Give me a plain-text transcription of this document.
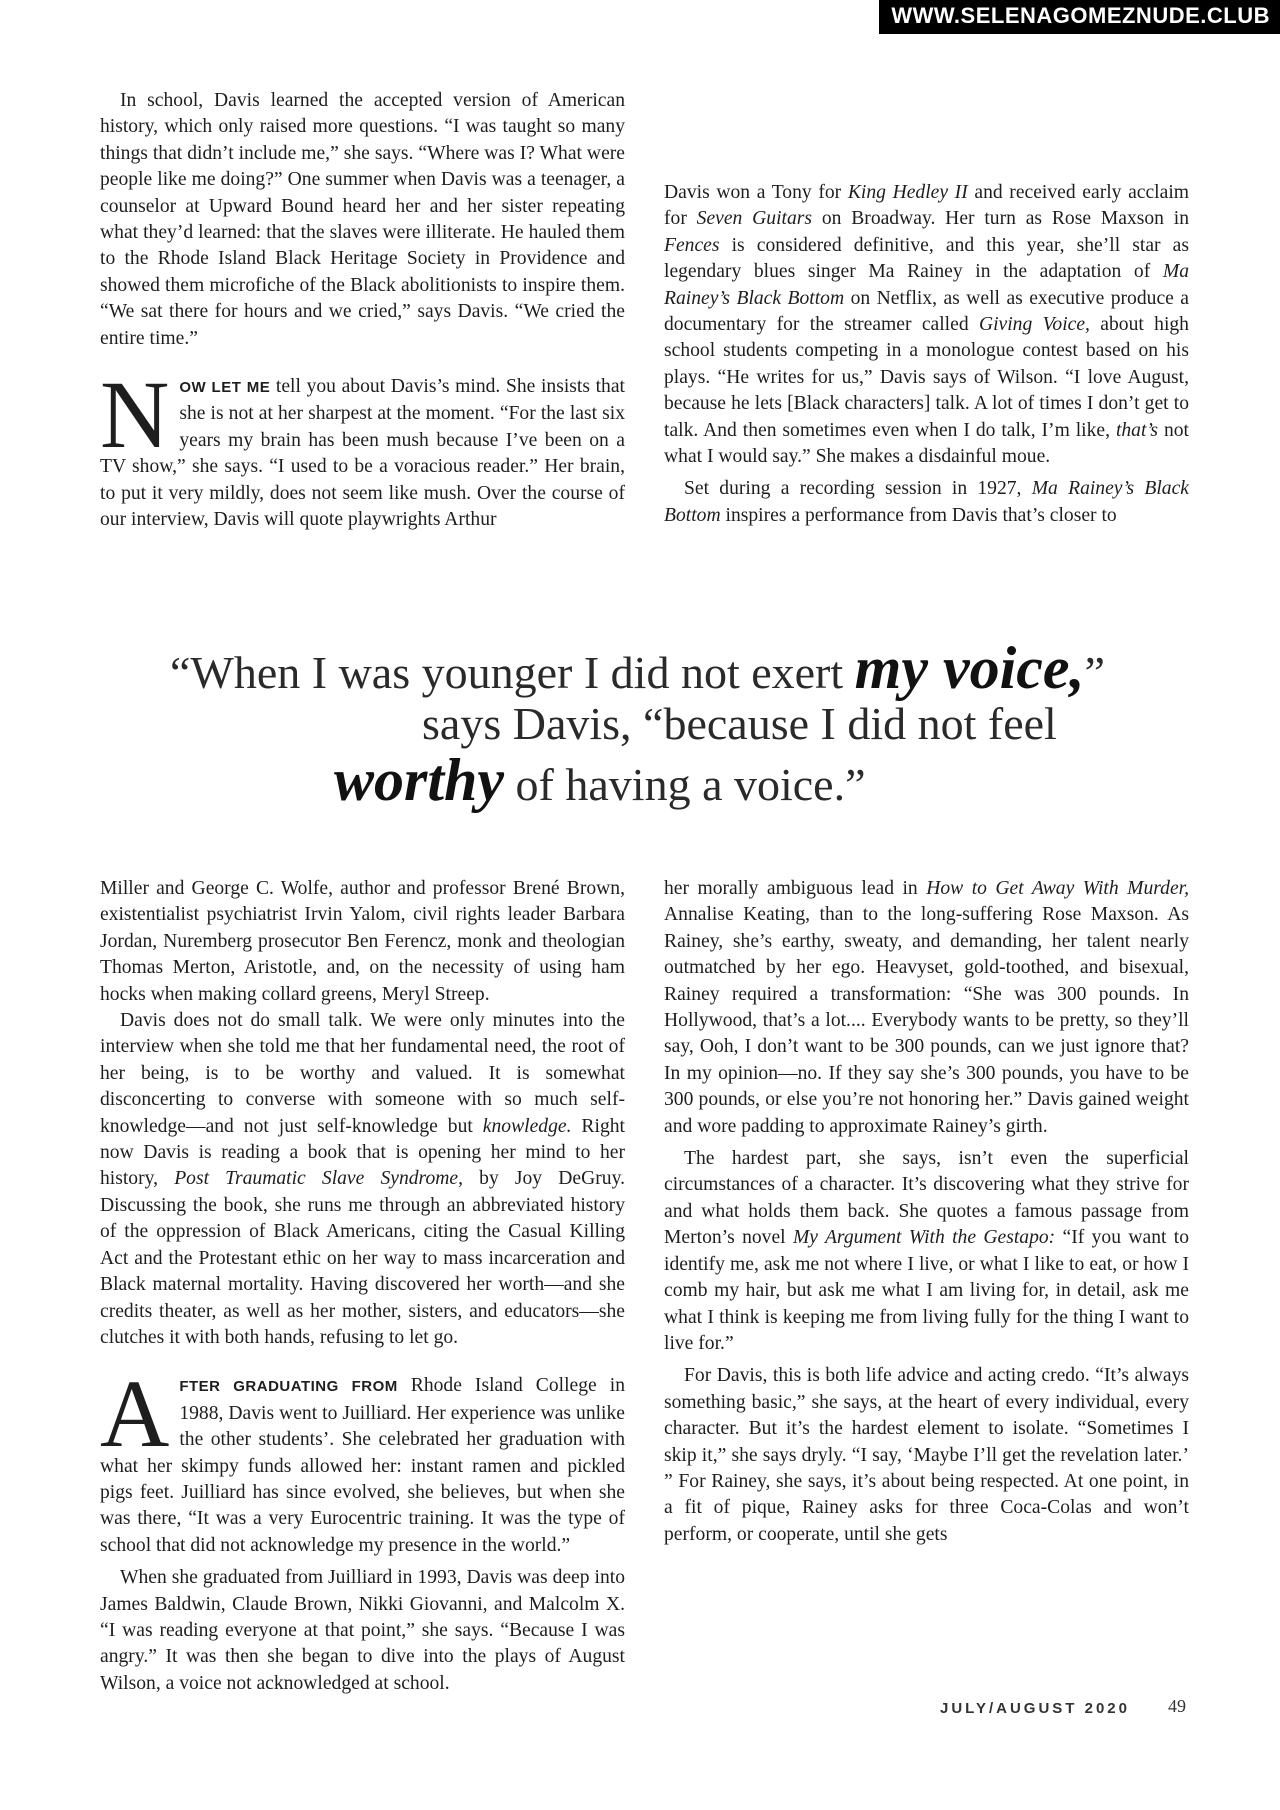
WWW.SELENAGOMEZNUDE.CLUB

In school, Davis learned the accepted version of American history, which only raised more questions. “I was taught so many things that didn’t include me,” she says. “Where was I? What were people like me doing?” One summer when Davis was a teenager, a counselor at Upward Bound heard her and her sister repeating what they’d learned: that the slaves were illiterate. He hauled them to the Rhode Island Black Heritage Society in Providence and showed them microfiche of the Black abolitionists to inspire them. “We sat there for hours and we cried,” says Davis. “We cried the entire time.”

NOW LET ME tell you about Davis’s mind. She insists that she is not at her sharpest at the moment. “For the last six years my brain has been mush because I’ve been on a TV show,” she says. “I used to be a voracious reader.” Her brain, to put it very mildly, does not seem like mush. Over the course of our interview, Davis will quote playwrights Arthur

Davis won a Tony for King Hedley II and received early acclaim for Seven Guitars on Broadway. Her turn as Rose Maxson in Fences is considered definitive, and this year, she’ll star as legendary blues singer Ma Rainey in the adaptation of Ma Rainey’s Black Bottom on Netflix, as well as executive produce a documentary for the streamer called Giving Voice, about high school students competing in a monologue contest based on his plays. “He writes for us,” Davis says of Wilson. “I love August, because he lets [Black characters] talk. A lot of times I don’t get to talk. And then sometimes even when I do talk, I’m like, that’s not what I would say.” She makes a disdainful moue.

Set during a recording session in 1927, Ma Rainey’s Black Bottom inspires a performance from Davis that’s closer to

“When I was younger I did not exert my voice,”
says Davis, “because I did not feel
worthy of having a voice.”

Miller and George C. Wolfe, author and professor Brené Brown, existentialist psychiatrist Irvin Yalom, civil rights leader Barbara Jordan, Nuremberg prosecutor Ben Ferencz, monk and theologian Thomas Merton, Aristotle, and, on the necessity of using ham hocks when making collard greens, Meryl Streep.

Davis does not do small talk. We were only minutes into the interview when she told me that her fundamental need, the root of her being, is to be worthy and valued. It is somewhat disconcerting to converse with someone with so much self-knowledge—and not just self-knowledge but knowledge. Right now Davis is reading a book that is opening her mind to her history, Post Traumatic Slave Syndrome, by Joy DeGruy. Discussing the book, she runs me through an abbreviated history of the oppression of Black Americans, citing the Casual Killing Act and the Protestant ethic on her way to mass incarceration and Black maternal mortality. Having discovered her worth—and she credits theater, as well as her mother, sisters, and educators—she clutches it with both hands, refusing to let go.

AFTER GRADUATING FROM Rhode Island College in 1988, Davis went to Juilliard. Her experience was unlike the other students’. She celebrated her graduation with what her skimpy funds allowed her: instant ramen and pickled pigs feet. Juilliard has since evolved, she believes, but when she was there, “It was a very Eurocentric training. It was the type of school that did not acknowledge my presence in the world.”

When she graduated from Juilliard in 1993, Davis was deep into James Baldwin, Claude Brown, Nikki Giovanni, and Malcolm X. “I was reading everyone at that point,” she says. “Because I was angry.” It was then she began to dive into the plays of August Wilson, a voice not acknowledged at school.

her morally ambiguous lead in How to Get Away With Murder, Annalise Keating, than to the long-suffering Rose Maxson. As Rainey, she’s earthy, sweaty, and demanding, her talent nearly outmatched by her ego. Heavyset, gold-toothed, and bisexual, Rainey required a transformation: “She was 300 pounds. In Hollywood, that’s a lot.... Everybody wants to be pretty, so they’ll say, Ooh, I don’t want to be 300 pounds, can we just ignore that? In my opinion—no. If they say she’s 300 pounds, you have to be 300 pounds, or else you’re not honoring her.” Davis gained weight and wore padding to approximate Rainey’s girth.

The hardest part, she says, isn’t even the superficial circumstances of a character. It’s discovering what they strive for and what holds them back. She quotes a famous passage from Merton’s novel My Argument With the Gestapo: “If you want to identify me, ask me not where I live, or what I like to eat, or how I comb my hair, but ask me what I am living for, in detail, ask me what I think is keeping me from living fully for the thing I want to live for.”

For Davis, this is both life advice and acting credo. “It’s always something basic,” she says, at the heart of every individual, every character. But it’s the hardest element to isolate. “Sometimes I skip it,” she says dryly. “I say, ‘Maybe I’ll get the revelation later.’ ” For Rainey, she says, it’s about being respected. At one point, in a fit of pique, Rainey asks for three Coca-Colas and won’t perform, or cooperate, until she gets

JULY/AUGUST 2020 49
